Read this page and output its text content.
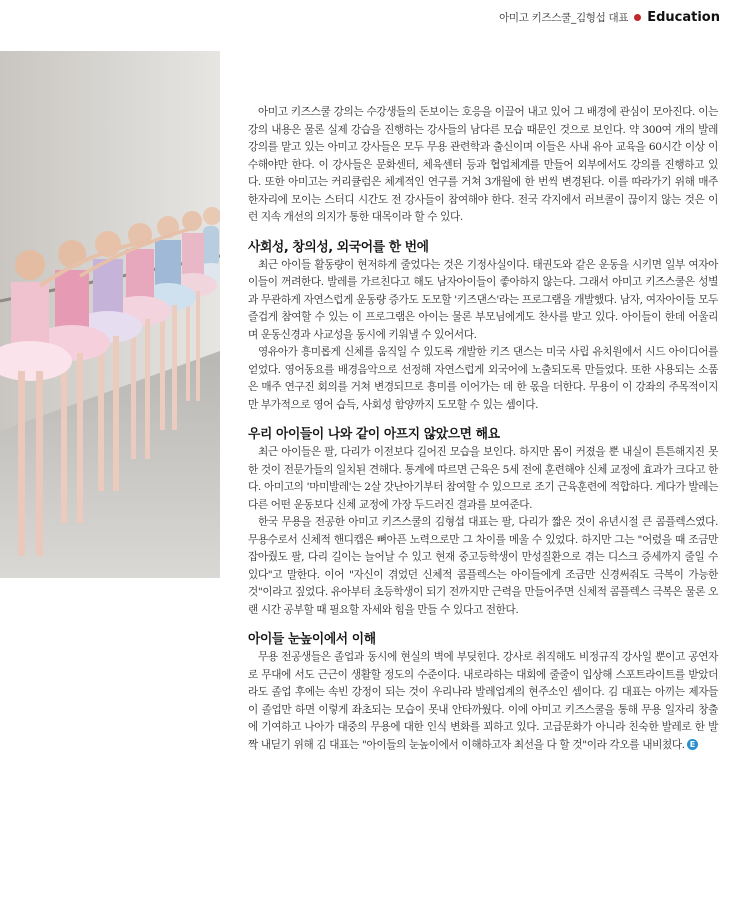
아미고 키즈스쿨_김형섭 대표 Education

아미고 키즈스쿨 강의는 수강생들의 돈보이는 호응을 이끌어 내고 있어 그 배경에 관심이 모아진다. 이는 강의 내용은 물론 실제 강습을 진행하는 강사들의 남다른 모습 때문인 것으로 보인다. 약 300여 개의 발레 강의를 맡고 있는 아미고 강사들은 모두 무용 관련학과 출신이며 이들은 사내 유아 교육을 60시간 이상 이수해야만 한다. 이 강사들은 문화센터, 체육센터 등과 협업체계를 만들어 외부에서도 강의를 진행하고 있다. 또한 아미고는 커리큘럼은 체계적인 연구를 거쳐 3개월에 한 번씩 변경된다. 이를 따라가기 위해 매주 한자리에 모이는 스터디 시간도 전 강사들이 참여해야 한다. 전국 각지에서 러브콜이 끊이지 않는 것은 이런 지속 개선의 의지가 통한 대목이라 할 수 있다.

사회성, 창의성, 외국어를 한 번에

최근 아이들 활동량이 현저하게 줄었다는 것은 기정사실이다. 태권도와 같은 운동을 시키면 일부 여자아이들이 꺼려한다. 발레를 가르친다고 해도 남자아이들이 좋아하지 않는다. 그래서 아미고 키즈스쿨은 성별과 무관하게 자연스럽게 운동량 증가도 도모할 '키즈댄스'라는 프로그램을 개발했다. 남자, 여자아이들 모두 즐겁게 참여할 수 있는 이 프로그램은 아이는 물론 부모님에게도 찬사를 받고 있다. 아이들이 한데 어울리며 운동신경과 사교성을 동시에 키워낼 수 있어서다.

영유아가 흥미롭게 신체를 움직일 수 있도록 개발한 키즈 댄스는 미국 사립 유치원에서 시드 아이디어를 얻었다. 영어동요를 배경음악으로 선정해 자연스럽게 외국어에 노출되도록 만들었다. 또한 사용되는 소품은 매주 연구진 회의를 거쳐 변경되므로 흥미를 이어가는 데 한 몫을 더한다. 무용이 이 강좌의 주목적이지만 부가적으로 영어 습득, 사회성 함양까지 도모할 수 있는 셈이다.

우리 아이들이 나와 같이 아프지 않았으면 해요

최근 아이들은 팔, 다리가 이전보다 길어진 모습을 보인다. 하지만 몸이 커졌을 뿐 내실이 튼튼해지진 못한 것이 전문가들의 일치된 견해다. 통계에 따르면 근육은 5세 전에 훈련해야 신체 교정에 효과가 크다고 한다. 아미고의 '마미발레'는 2살 갓난아기부터 참여할 수 있으므로 조기 근육훈련에 적합하다. 게다가 발레는 다른 어떤 운동보다 신체 교정에 가장 두드러진 결과를 보여준다.

한국 무용을 전공한 아미고 키즈스쿨의 김형섭 대표는 팔, 다리가 짧은 것이 유년시절 큰 콤플렉스였다. 무용수로서 신체적 핸디캡은 뼈아픈 노력으로만 그 차이를 메울 수 있었다. 하지만 그는 "어렸을 때 조금만 잡아줬도 팔, 다리 길이는 늘어날 수 있고 현재 중고등학생이 만성질환으로 겪는 디스크 증세까지 줄일 수 있다"고 말한다. 이어 "자신이 겪었던 신체적 콤플렉스는 아이들에게 조금만 신경써줘도 극복이 가능한 것"이라고 짚었다. 유아부터 초등학생이 되기 전까지만 근력을 만들어주면 신체적 콤플렉스 극복은 물론 오랜 시간 공부할 때 필요할 자세와 힘을 만들 수 있다고 전한다.

아이들 눈높이에서 이해

무용 전공생들은 졸업과 동시에 현실의 벽에 부딪힌다. 강사로 취직해도 비정규직 강사일 뿐이고 공연자로 무대에 서도 근근이 생활할 정도의 수준이다. 내로라하는 대회에 줄줄이 입상해 스포트라이트를 받았더라도 졸업 후에는 속빈 강정이 되는 것이 우리나라 발레업계의 현주소인 셈이다. 김 대표는 아끼는 제자들이 졸업만 하면 이렇게 좌초되는 모습이 못내 안타까웠다. 이에 아미고 키즈스쿨을 통해 무용 일자리 창출에 기여하고 나아가 대중의 무용에 대한 인식 변화를 꾀하고 있다. 고급문화가 아니라 친숙한 발레로 한 발짝 내딛기 위해 김 대표는 "아이들의 눈높이에서 이해하고자 최선을 다 할 것"이라 각오를 내비쳤다. E
